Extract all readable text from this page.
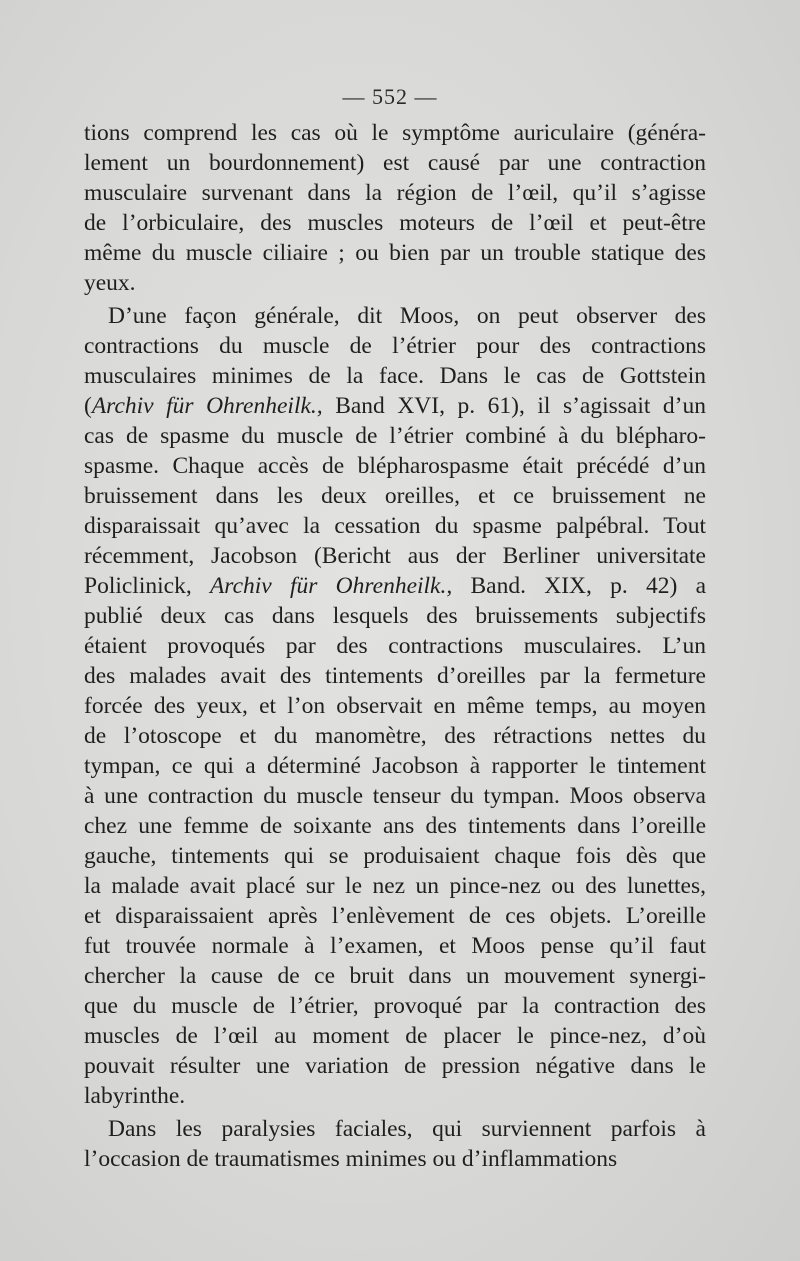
— 552 —
tions comprend les cas où le symptôme auriculaire (généra-
lement un bourdonnement) est causé par une contraction
musculaire survenant dans la région de l’œil, qu’il s’agisse
de l’orbiculaire, des muscles moteurs de l’œil et peut-être
même du muscle ciliaire ; ou bien par un trouble statique des
yeux.
D’une façon générale, dit Moos, on peut observer des
contractions du muscle de l’étrier pour des contractions
musculaires minimes de la face. Dans le cas de Gottstein
(Archiv für Ohrenheilk., Band XVI, p. 61), il s’agissait d’un
cas de spasme du muscle de l’étrier combiné à du blépharo-
spasme. Chaque accès de blépharospasme était précédé d’un
bruissement dans les deux oreilles, et ce bruissement ne
disparaissait qu’avec la cessation du spasme palpébral. Tout
récemment, Jacobson (Bericht aus der Berliner universitate
Policlinick, Archiv für Ohrenheilk., Band. XIX, p. 42) a
publié deux cas dans lesquels des bruissements subjectifs
étaient provoqués par des contractions musculaires. L’un
des malades avait des tintements d’oreilles par la fermeture
forcée des yeux, et l’on observait en même temps, au moyen
de l’otoscope et du manomètre, des rétractions nettes du
tympan, ce qui a déterminé Jacobson à rapporter le tintement
à une contraction du muscle tenseur du tympan. Moos observa
chez une femme de soixante ans des tintements dans l’oreille
gauche, tintements qui se produisaient chaque fois dès que
la malade avait placé sur le nez un pince-nez ou des lunettes,
et disparaissaient après l’enlèvement de ces objets. L’oreille
fut trouvée normale à l’examen, et Moos pense qu’il faut
chercher la cause de ce bruit dans un mouvement synergi-
que du muscle de l’étrier, provoqué par la contraction des
muscles de l’œil au moment de placer le pince-nez, d’où
pouvait résulter une variation de pression négative dans le
labyrinthe.
Dans les paralysies faciales, qui surviennent parfois à
l’occasion de traumatismes minimes ou d’inflammations
